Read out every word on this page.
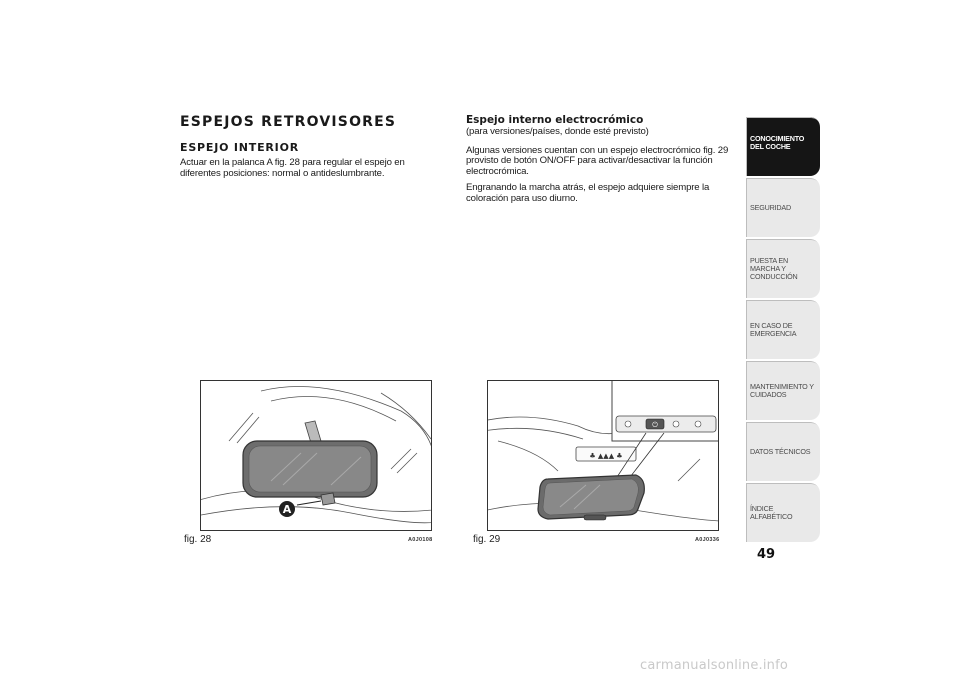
ESPEJOS RETROVISORES
ESPEJO INTERIOR

Actuar en la palanca A fig. 28 para regular el espejo en diferentes posiciones: normal o antideslumbrante.

Espejo interno electrocrómico

(para versiones/países, donde esté previsto)

Algunas versiones cuentan con un espejo electrocrómico fig. 29 provisto de botón ON/OFF para activar/desactivar la función electrocrómica.

Engranando la marcha atrás, el espejo adquiere siempre la coloración para uso diurno.

A
fig. 28	A0J0108
⏻
♣ ▲▲▲ ♣
fig. 29	A0J0336
CONOCIMIENTO DEL COCHE
SEGURIDAD
PUESTA EN MARCHA Y CONDUCCIÓN
EN CASO DE EMERGENCIA
MANTENIMIENTO Y CUIDADOS
DATOS TÉCNICOS
ÍNDICE ALFABÉTICO
49
carmanualsonline.info
